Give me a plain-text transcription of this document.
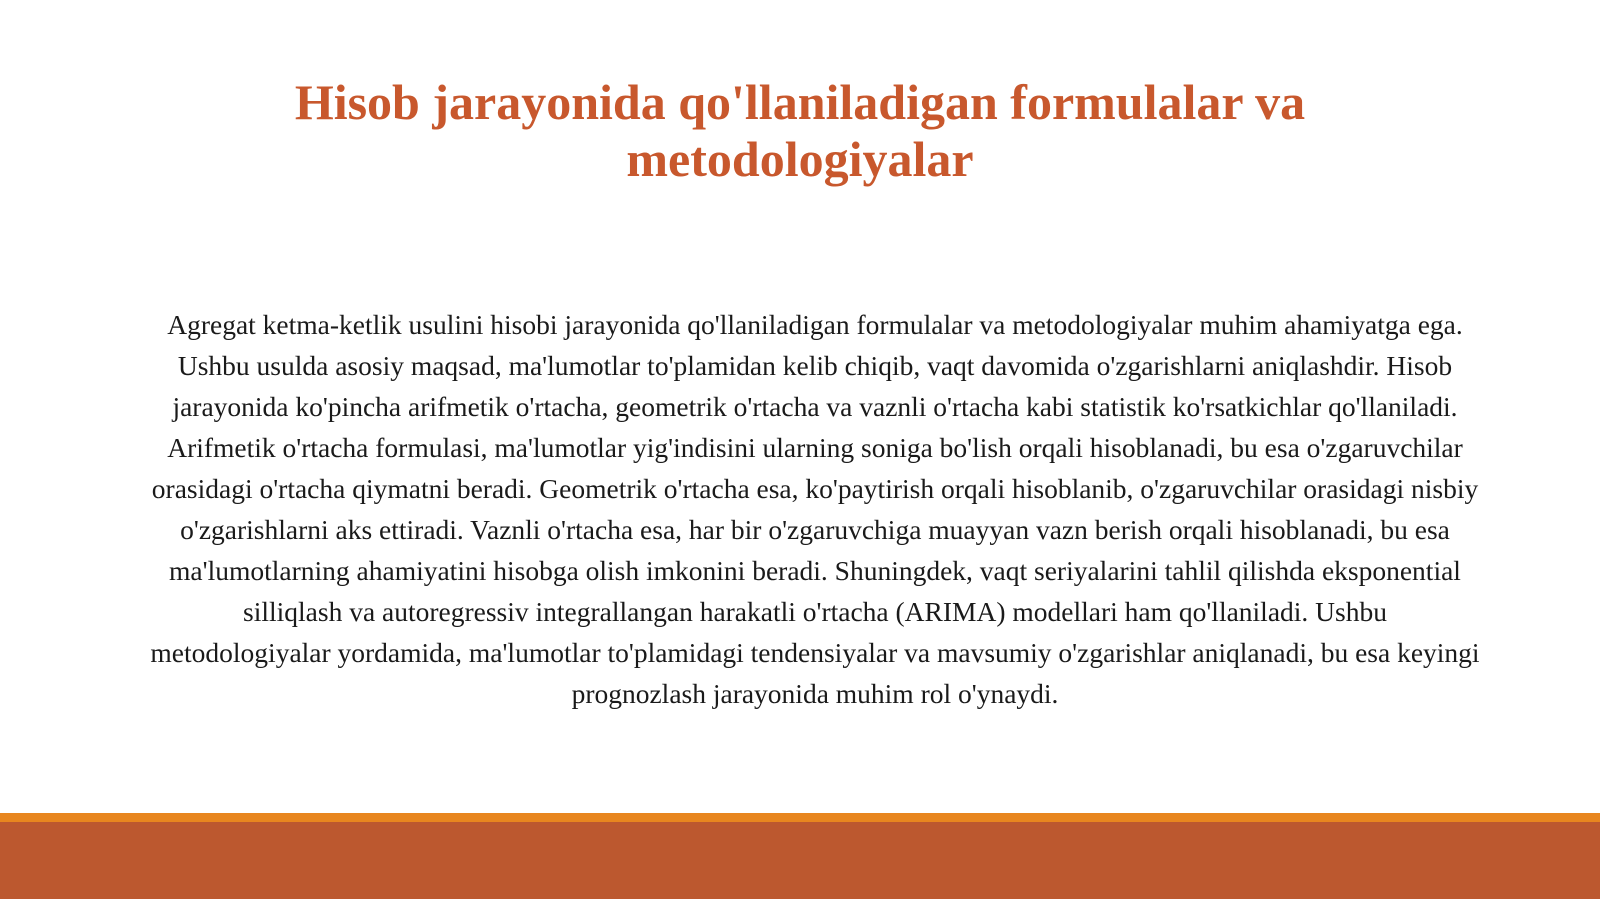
Hisob jarayonida qo'llaniladigan formulalar va metodologiyalar

Agregat ketma-ketlik usulini hisobi jarayonida qo'llaniladigan formulalar va metodologiyalar muhim ahamiyatga ega. Ushbu usulda asosiy maqsad, ma'lumotlar to'plamidan kelib chiqib, vaqt davomida o'zgarishlarni aniqlashdir. Hisob jarayonida ko'pincha arifmetik o'rtacha, geometrik o'rtacha va vaznli o'rtacha kabi statistik ko'rsatkichlar qo'llaniladi. Arifmetik o'rtacha formulasi, ma'lumotlar yig'indisini ularning soniga bo'lish orqali hisoblanadi, bu esa o'zgaruvchilar orasidagi o'rtacha qiymatni beradi. Geometrik o'rtacha esa, ko'paytirish orqali hisoblanib, o'zgaruvchilar orasidagi nisbiy o'zgarishlarni aks ettiradi. Vaznli o'rtacha esa, har bir o'zgaruvchiga muayyan vazn berish orqali hisoblanadi, bu esa ma'lumotlarning ahamiyatini hisobga olish imkonini beradi. Shuningdek, vaqt seriyalarini tahlil qilishda eksponential silliqlash va autoregressiv integrallangan harakatli o'rtacha (ARIMA) modellari ham qo'llaniladi. Ushbu metodologiyalar yordamida, ma'lumotlar to'plamidagi tendensiyalar va mavsumiy o'zgarishlar aniqlanadi, bu esa keyingi prognozlash jarayonida muhim rol o'ynaydi.
